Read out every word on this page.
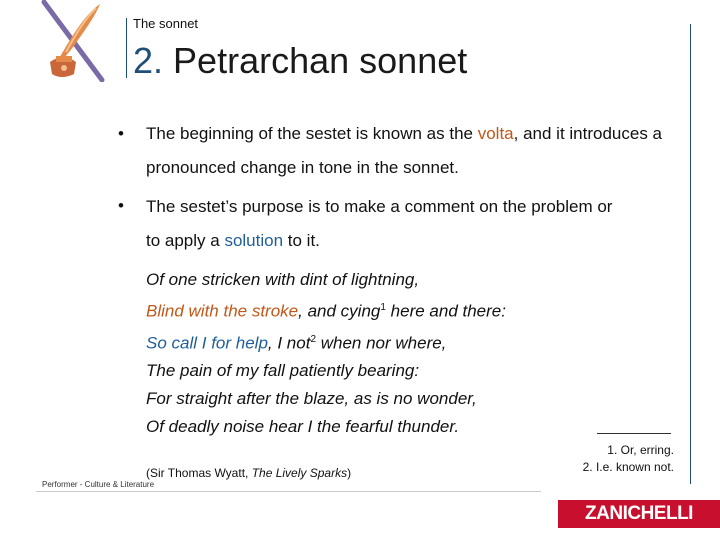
The sonnet
2. Petrarchan sonnet
• The beginning of the sestet is known as the volta, and it introduces a pronounced change in tone in the sonnet.
• The sestet’s purpose is to make a comment on the problem or to apply a solution to it.
Of one stricken with dint of lightning,
Blind with the stroke, and cying$^1$ here and there:
So call I for help, I not$^2$ when nor where,
The pain of my fall patiently bearing:
For straight after the blaze, as is no wonder,
Of deadly noise hear I the fearful thunder.
1. Or, erring.
2. I.e. known not.
(Sir Thomas Wyatt, The Lively Sparks)
Performer - Culture & Literature
ZANICHELLI
